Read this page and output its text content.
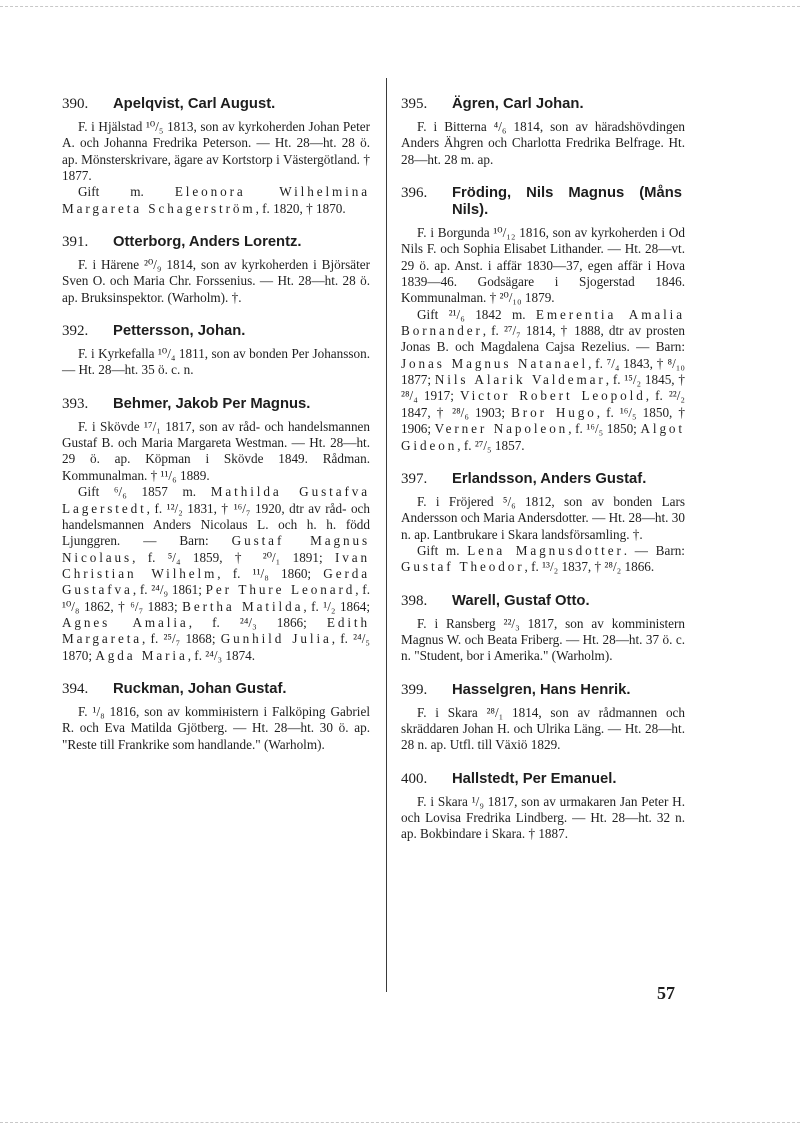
390.	Apelqvist, Carl August.

F. i Hjälstad ¹⁰/₅ 1813, son av kyrkoherden Johan Peter A. och Johanna Fredrika Peterson. — Ht. 28—ht. 28 ö. ap. Mönsterskrivare, ägare av Kortstorp i Västergötland. † 1877.

Gift m. Eleonora Wilhelmina Margareta Schagerström, f. 1820, † 1870.

391.	Otterborg, Anders Lorentz.

F. i Härene ²⁰/₉ 1814, son av kyrkoherden i Björsäter Sven O. och Maria Chr. Forssenius. — Ht. 28—ht. 28 ö. ap. Bruksinspektor. (Warholm). †.

392.	Pettersson, Johan.

F. i Kyrkefalla ¹⁰/₄ 1811, son av bonden Per Johansson. — Ht. 28—ht. 35 ö. c. n.

393.	Behmer, Jakob Per Magnus.

F. i Skövde ¹⁷/₁ 1817, son av råd- och handelsmannen Gustaf B. och Maria Margareta Westman. — Ht. 28—ht. 29 ö. ap. Köpman i Skövde 1849. Rådman. Kommunalman. † ¹¹/₆ 1889.

Gift ⁶/₆ 1857 m. Mathilda Gustafva Lagerstedt, f. ¹²/₂ 1831, † ¹⁶/₇ 1920, dtr av råd- och handelsmannen Anders Nicolaus L. och h. h. född Ljunggren. — Barn: Gustaf Magnus Nicolaus, f. ⁵/₄ 1859, † ²⁰/₁ 1891; Ivan Christian Wilhelm, f. ¹¹/₈ 1860; Gerda Gustafva, f. ²⁴/₉ 1861; Per Thure Leonard, f. ¹⁰/₈ 1862, † ⁶/₇ 1883; Bertha Matilda, f. ¹/₂ 1864; Agnes Amalia, f. ²⁴/₃ 1866; Edith Margareta, f. ²⁵/₇ 1868; Gunhild Julia, f. ²⁴/₅ 1870; Agda Maria, f. ²⁴/₃ 1874.

394.	Ruckman, Johan Gustaf.

F. ¹/₈ 1816, son av kommінistern i Falköping Gabriel R. och Eva Matilda Gjötberg. — Ht. 28—ht. 30 ö. ap. "Reste till Frankrike som handlande." (Warholm).

395.	Ägren, Carl Johan.

F. i Bitterna ⁴/₆ 1814, son av häradshövdingen Anders Ähgren och Charlotta Fredrika Belfrage. Ht. 28—ht. 28 m. ap.

396.	Fröding, Nils Magnus (Måns Nils).

F. i Borgunda ¹⁰/₁₂ 1816, son av kyrkoherden i Od Nils F. och Sophia Elisabet Lithander. — Ht. 28—vt. 29 ö. ap. Anst. i affär 1830—37, egen affär i Hova 1839—46. Godsägare i Sjogerstad 1846. Kommunalman. † ²⁰/₁₀ 1879.

Gift ²¹/₆ 1842 m. Emerentia Amalia Bornander, f. ²⁷/₇ 1814, † 1888, dtr av prosten Jonas B. och Magdalena Cajsa Rezelius. — Barn: Jonas Magnus Natanael, f. ⁷/₄ 1843, † ⁸/₁₀ 1877; Nils Alarik Valdemar, f. ¹⁵/₂ 1845, † ²⁸/₄ 1917; Victor Robert Leopold, f. ²²/₂ 1847, † ²⁸/₆ 1903; Bror Hugo, f. ¹⁶/₅ 1850, † 1906; Verner Napoleon, f. ¹⁶/₅ 1850; Algot Gideon, f. ²⁷/₅ 1857.

397.	Erlandsson, Anders Gustaf.

F. i Fröjered ⁵/₆ 1812, son av bonden Lars Andersson och Maria Andersdotter. — Ht. 28—ht. 30 n. ap. Lantbrukare i Skara landsförsamling. †.

Gift m. Lena Magnusdotter. — Barn: Gustaf Theodor, f. ¹³/₂ 1837, † ²⁸/₂ 1866.

398.	Warell, Gustaf Otto.

F. i Ransberg ²²/₃ 1817, son av komministern Magnus W. och Beata Friberg. — Ht. 28—ht. 37 ö. c. n. "Student, bor i Amerika." (Warholm).

399.	Hasselgren, Hans Henrik.

F. i Skara ²⁸/₁ 1814, son av rådmannen och skräddaren Johan H. och Ulrika Läng. — Ht. 28—ht. 28 n. ap. Utfl. till Växiö 1829.

400.	Hallstedt, Per Emanuel.

F. i Skara ¹/₉ 1817, son av urmakaren Jan Peter H. och Lovisa Fredrika Lindberg. — Ht. 28—ht. 32 n. ap. Bokbindare i Skara. † 1887.

57
